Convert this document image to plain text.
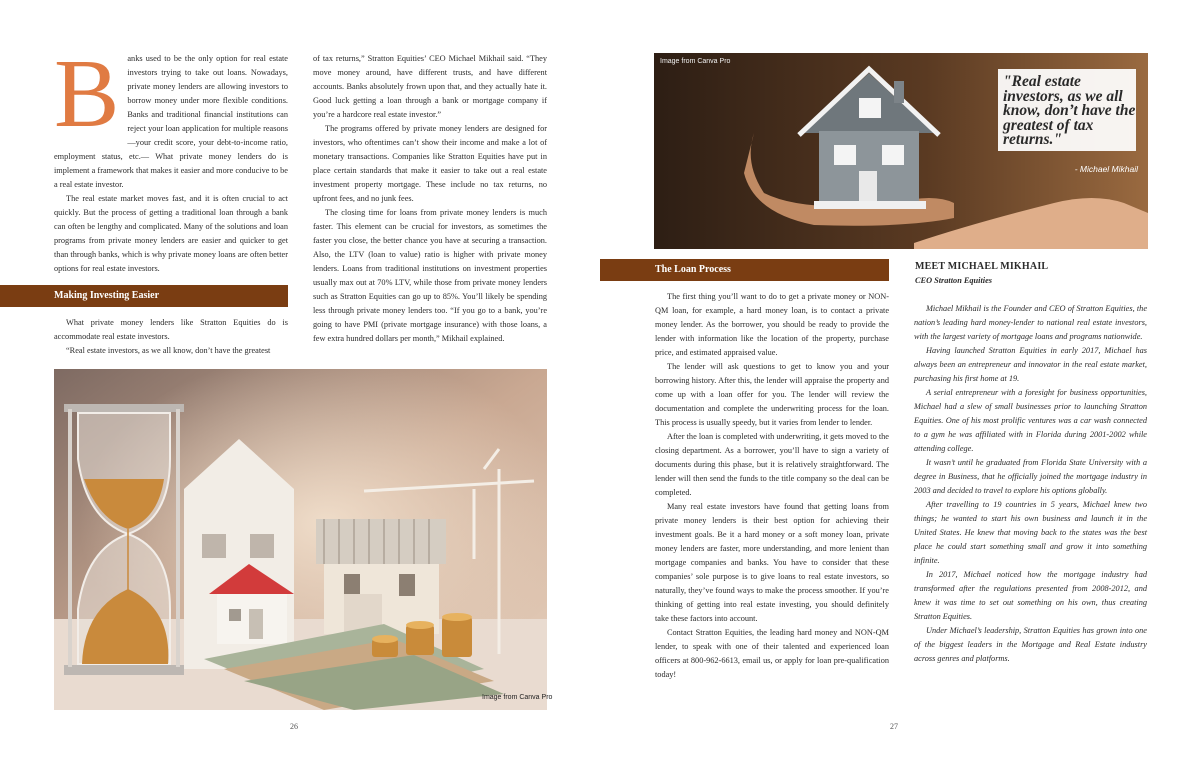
B anks used to be the only option for real estate investors trying to take out loans. Nowadays, private money lenders are allowing investors to borrow money under more flexible conditions. Banks and traditional financial institutions can reject your loan application for multiple reasons—your credit score, your debt-to-income ratio, employment status, etc.— What private money lenders do is implement a framework that makes it easier and more conducive to be a real estate investor.

The real estate market moves fast, and it is often crucial to act quickly. But the process of getting a traditional loan through a bank can often be lengthy and complicated. Many of the solutions and loan programs from private money lenders are easier and quicker to get than through banks, which is why private money loans are often better options for real estate investors.

Making Investing Easier

What private money lenders like Stratton Equities do is accommodate real estate investors.

“Real estate investors, as we all know, don’t have the greatest

of tax returns,” Stratton Equities’ CEO Michael Mikhail said. “They move money around, have different trusts, and have different accounts. Banks absolutely frown upon that, and they actually hate it. Good luck getting a loan through a bank or mortgage company if you’re a hardcore real estate investor.”

The programs offered by private money lenders are designed for investors, who oftentimes can’t show their income and make a lot of monetary transactions. Companies like Stratton Equities have put in place certain standards that make it easier to take out a real estate investment property mortgage. These include no tax returns, no upfront fees, and no junk fees.

The closing time for loans from private money lenders is much faster. This element can be crucial for investors, as sometimes the faster you close, the better chance you have at securing a transaction. Also, the LTV (loan to value) ratio is higher with private money lenders. Loans from traditional institutions on investment properties usually max out at 70% LTV, while those from private money lenders such as Stratton Equities can go up to 85%. You’ll likely be spending less through private money lenders too. “If you go to a bank, you’re going to have PMI (private mortgage insurance) with those loans, a few extra hundred dollars per month,” Mikhail explained.

Image from Canva Pro
26
Image from Canva Pro
"Real estate investors, as we all know, don’t have the greatest of tax returns."
- Michael Mikhail
The Loan Process

The first thing you’ll want to do to get a private money or NON-QM loan, for example, a hard money loan, is to contact a private money lender. As the borrower, you should be ready to provide the lender with information like the location of the property, purchase price, and estimated appraised value.

The lender will ask questions to get to know you and your borrowing history. After this, the lender will appraise the property and come up with a loan offer for you. The lender will review the documentation and complete the underwriting process for the loan. This process is usually speedy, but it varies from lender to lender.

After the loan is completed with underwriting, it gets moved to the closing department. As a borrower, you’ll have to sign a variety of documents during this phase, but it is relatively straightforward. The lender will then send the funds to the title company so the deal can be completed.

Many real estate investors have found that getting loans from private money lenders is their best option for achieving their investment goals. Be it a hard money or a soft money loan, private money lenders are faster, more understanding, and more lenient than mortgage companies and banks. You have to consider that these companies’ sole purpose is to give loans to real estate investors, so naturally, they’ve found ways to make the process smoother. If you’re thinking of getting into real estate investing, you should definitely take these factors into account.

Contact Stratton Equities, the leading hard money and NON-QM lender, to speak with one of their talented and experienced loan officers at 800-962-6613, email us, or apply for loan pre-qualification today!

MEET MICHAEL MIKHAIL
CEO Stratton Equities

Michael Mikhail is the Founder and CEO of Stratton Equities, the nation’s leading hard money-lender to national real estate investors, with the largest variety of mortgage loans and programs nationwide.

Having launched Stratton Equities in early 2017, Michael has always been an entrepreneur and innovator in the real estate market, purchasing his first home at 19.

A serial entrepreneur with a foresight for business opportunities, Michael had a slew of small businesses prior to launching Stratton Equities. One of his most prolific ventures was a car wash connected to a gym he was affiliated with in Florida during 2001-2002 while attending college.

It wasn’t until he graduated from Florida State University with a degree in Business, that he officially joined the mortgage industry in 2003 and decided to travel to explore his options globally.

After travelling to 19 countries in 5 years, Michael knew two things; he wanted to start his own business and launch it in the United States. He knew that moving back to the states was the best place he could start something small and grow it into something infinite.

In 2017, Michael noticed how the mortgage industry had transformed after the regulations presented from 2008-2012, and knew it was time to set out something on his own, thus creating Stratton Equities.

Under Michael’s leadership, Stratton Equities has grown into one of the biggest leaders in the Mortgage and Real Estate industry across genres and platforms.

27
